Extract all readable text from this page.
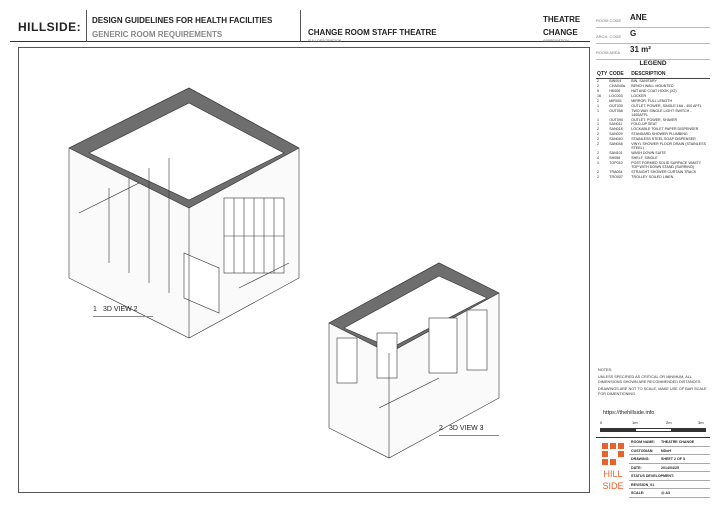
HILLSIDE: DESIGN GUIDELINES FOR HEALTH FACILITIES
GENERIC ROOM REQUIREMENTS	CHANGE ROOM STAFF THEATRE
FULL DESCRIPTION
THEATRE
CHANGE
ABBREVIATION
ROOM CODE ANE
ARCH. CODE G
ROOM AREA 31 m²
LEGEND
QTY	CODE	DESCRIPTION
2	BIN004	BIN, SANITARY
2	CHA040a	BENCH WALL MOUNTED
5	HK006	HAT AND COAT HOOK (X2)
16	LOC003	LOCKER
2	MIR001	MIRROR, FULL LENGTH
1	OUT030	OUTLET, POWER, SINGLE 16A - 400 AFFL
1	OUT056	TWO WAY SINGLE LIGHT SWITCH - 1400AFFL
1	OUT090	OUTLET, POWER, SHAVER
1	SAN011	FOLD-UP SEAT
2	SAN018	LOCKABLE TOILET PAPER DISPENSER
2	SAN029	STANDARD SHOWER PLUMBING
2	SAN040	STAINLESS STEEL SOAP DISPENSER
2	SAN048	VINYL SHOWER FLOOR DRAIN (STAINLESS STEEL)
2	SAN101	WASH DOWN SUITE
4	SH056	SHELF, SINGLE
1	TOP010	POST FORMED SOLID SURFACE VANITY TOP WITH DOWN STAND (SURRINO)
2	TRA034	STRAIGHT SHOWER CURTAIN TRACK
2	TRO007	TROLLEY SOILED LINEN
1 3D VIEW 2
2 3D VIEW 3
NOTES:
UNLESS SPECIFIED AS CRITICAL OR MINIMUM, ALL DIMENSIONS SHOWN ARE RECOMMENDED DISTANCES.
DRAWINGS ARE NOT TO SCALE, MAKE USE OF BAR SCALE FOR DIMENTIONING.
https://thehillside.info
0	1m	2m	3m
ROOM NAME: THEATRE CHANGE
CUSTODIAN: NDoH
DRAWING:	SHEET 2 OF 5
DATE:	2014/04/25
STATUS DEVELOPMENT:
REVISION_01
SCALE:	@ A3
HILL
SIDE
